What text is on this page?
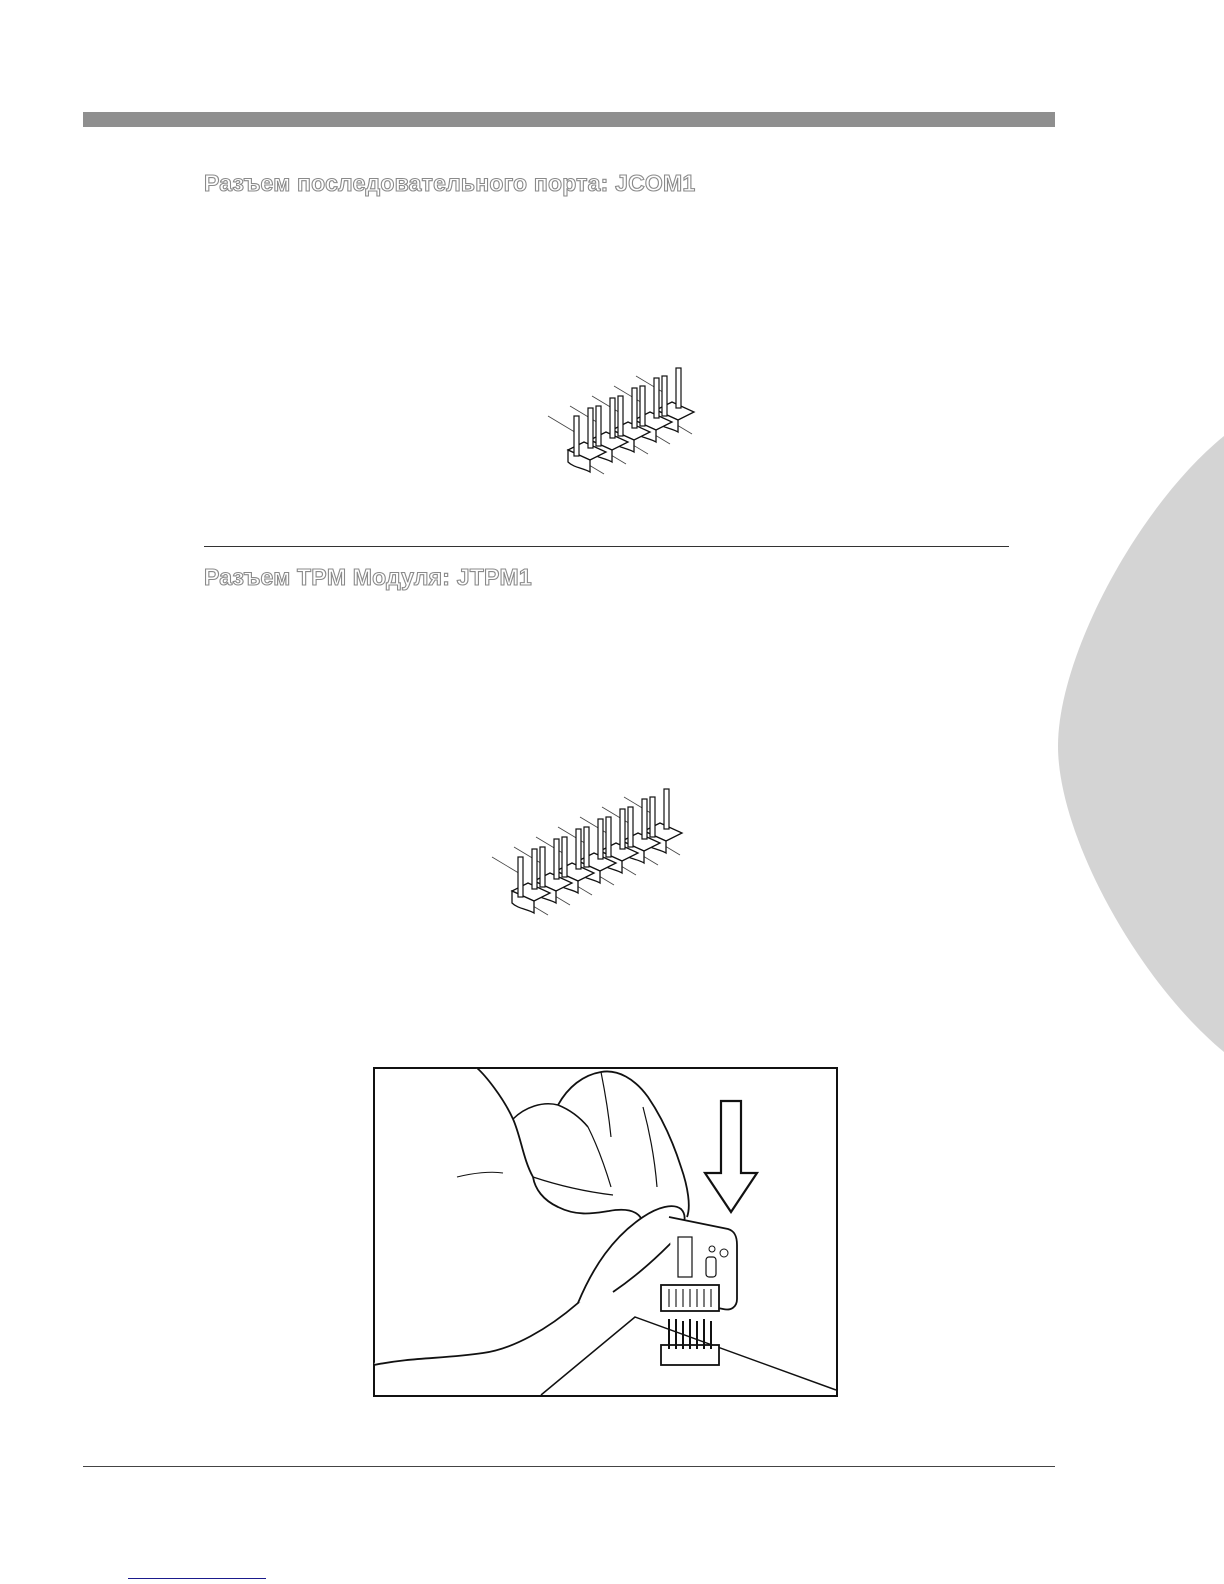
Разъем последовательного порта: JCOM1
Разъем TPM Модуля: JTPM1
